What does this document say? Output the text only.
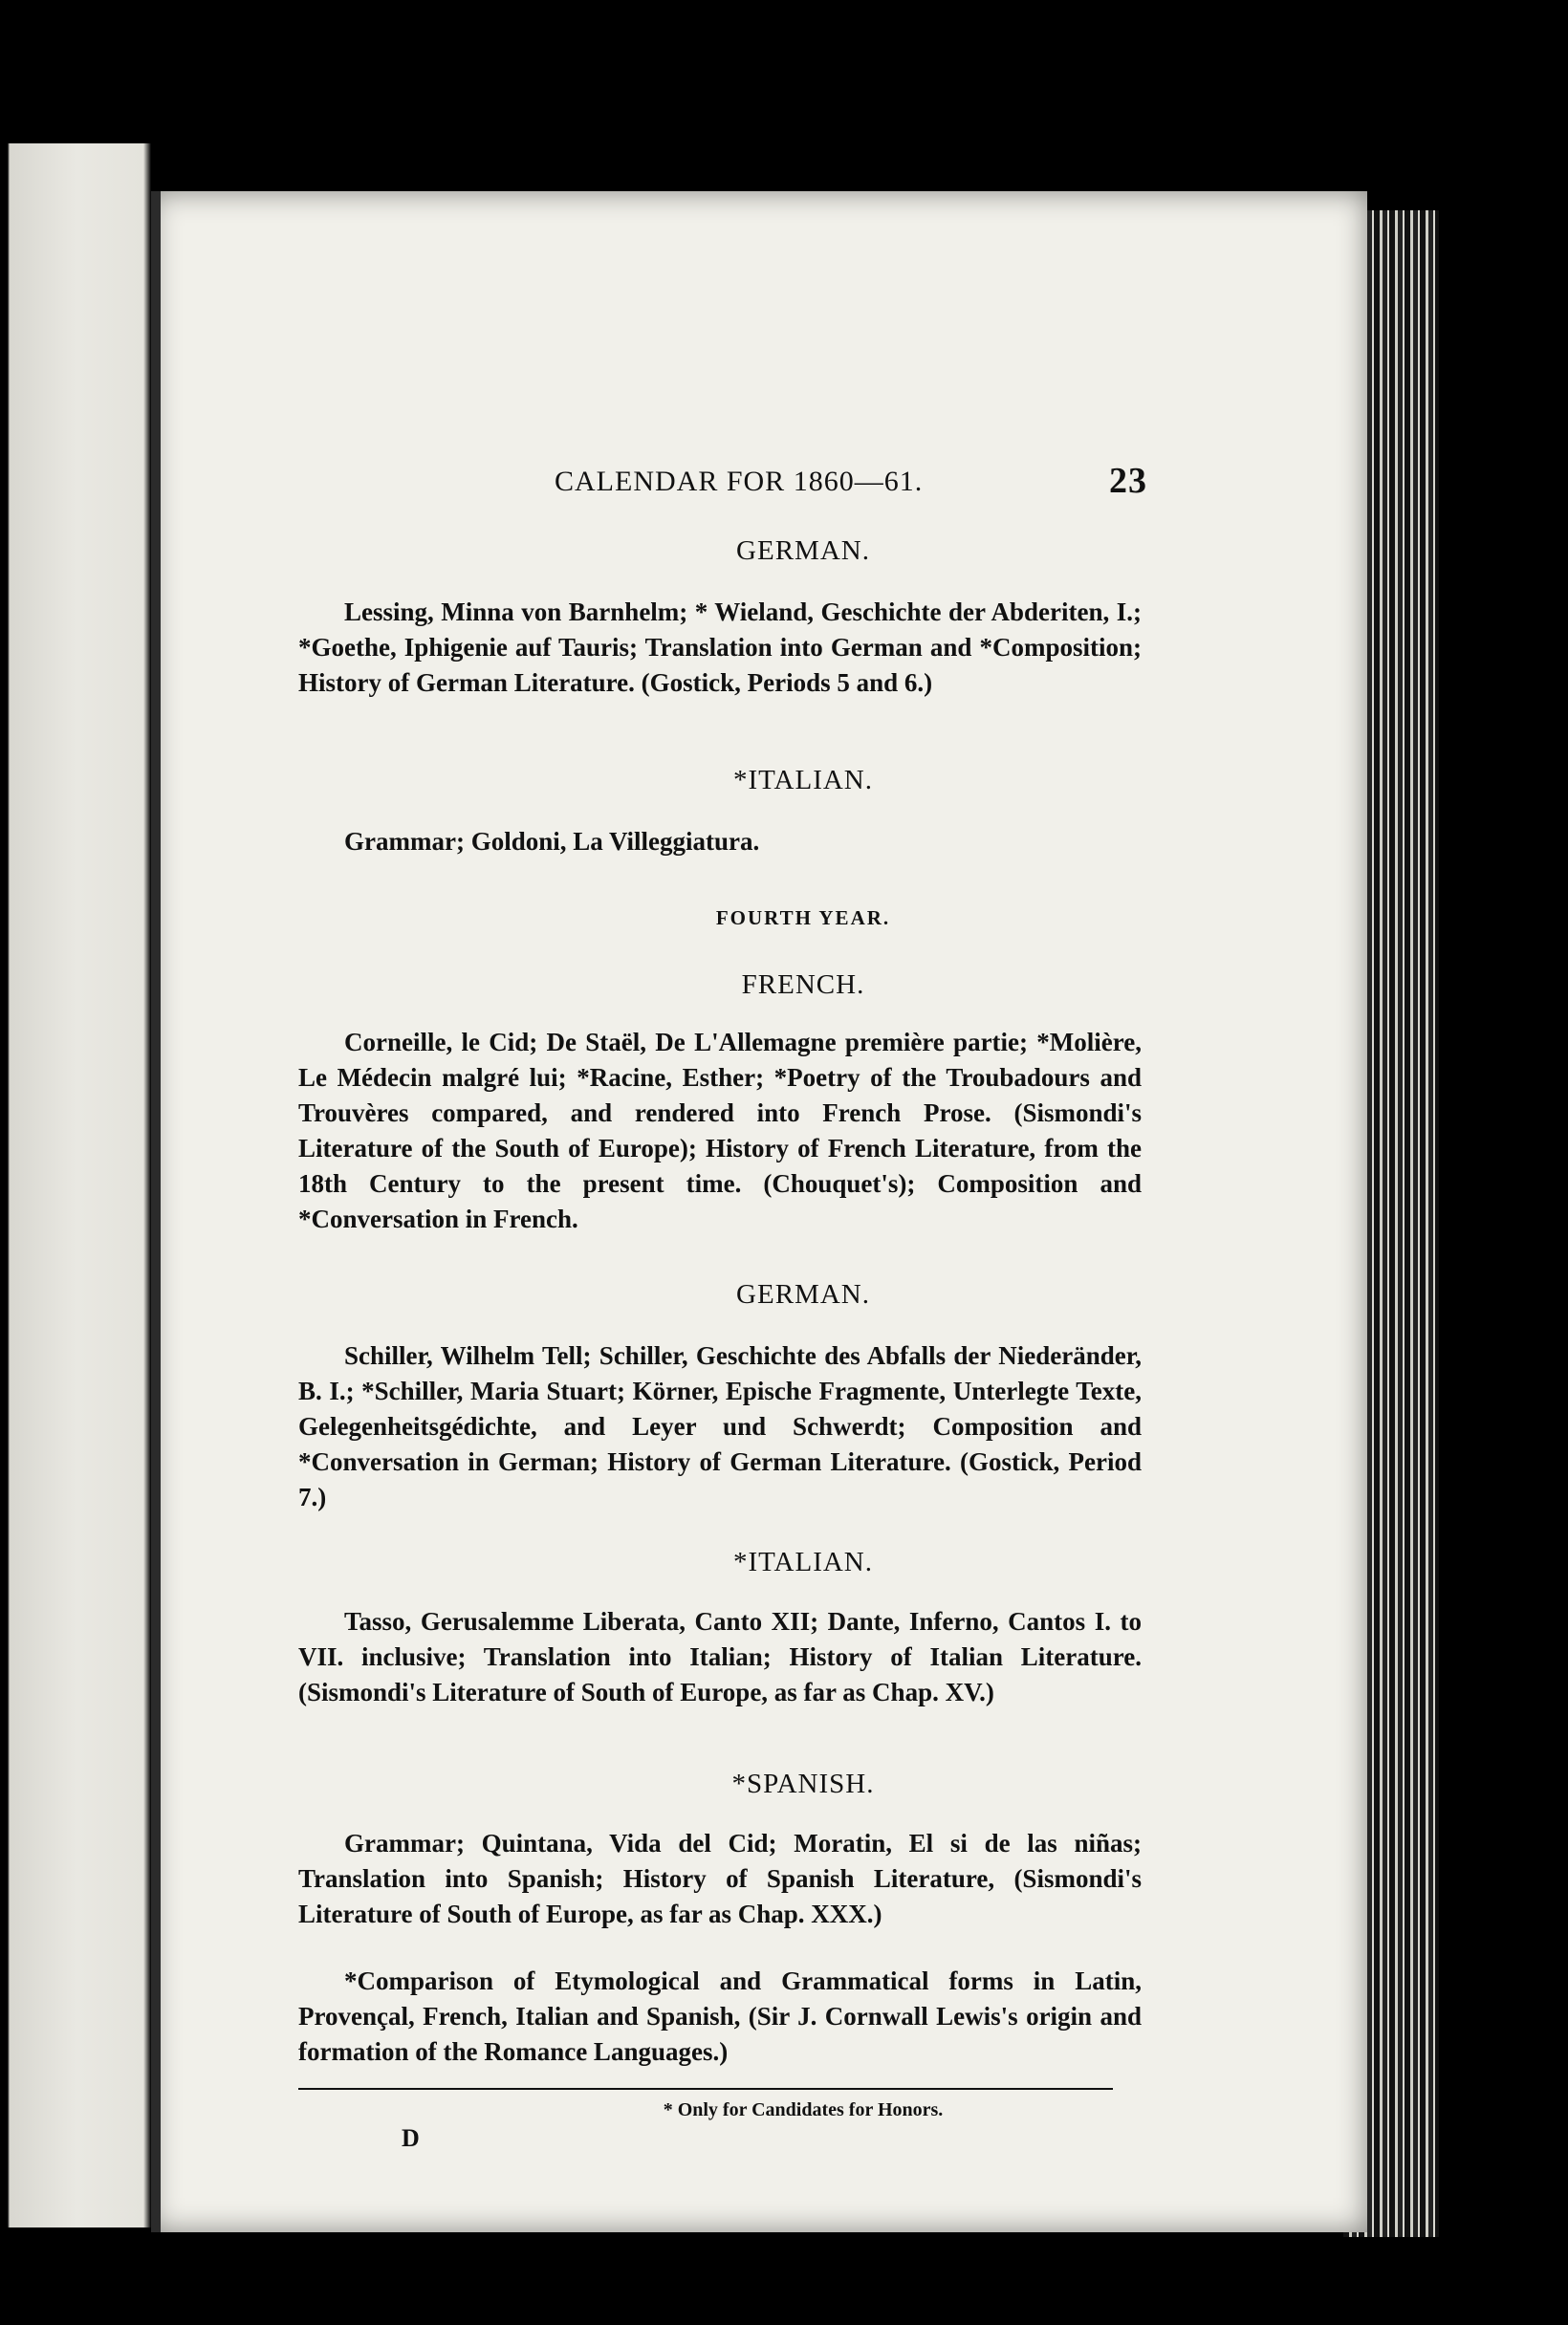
CALENDAR FOR 1860—61.	23
GERMAN.
Lessing, Minna von Barnhelm; * Wieland, Geschichte der Abderiten, I.; *Goethe, Iphigenie auf Tauris; Translation into German and *Composition; History of German Literature. (Gostick, Periods 5 and 6.)
*ITALIAN.
Grammar; Goldoni, La Villeggiatura.
FOURTH YEAR.
FRENCH.
Corneille, le Cid; De Staël, De L'Allemagne première partie; *Molière, Le Médecin malgré lui; *Racine, Esther; *Poetry of the Troubadours and Trouvères compared, and rendered into French Prose. (Sismondi's Literature of the South of Europe); History of French Literature, from the 18th Century to the present time. (Chouquet's); Composition and *Conversation in French.
GERMAN.
Schiller, Wilhelm Tell; Schiller, Geschichte des Abfalls der Niederänder, B. I.; *Schiller, Maria Stuart; Körner, Epische Fragmente, Unterlegte Texte, Gelegenheitsgédichte, and Leyer und Schwerdt; Composition and *Conversation in German; History of German Literature. (Gostick, Period 7.)
*ITALIAN.
Tasso, Gerusalemme Liberata, Canto XII; Dante, Inferno, Cantos I. to VII. inclusive; Translation into Italian; History of Italian Literature. (Sismondi's Literature of South of Europe, as far as Chap. XV.)
*SPANISH.
Grammar; Quintana, Vida del Cid; Moratin, El si de las niñas; Translation into Spanish; History of Spanish Literature, (Sismondi's Literature of South of Europe, as far as Chap. XXX.)
*Comparison of Etymological and Grammatical forms in Latin, Provençal, French, Italian and Spanish, (Sir J. Cornwall Lewis's origin and formation of the Romance Languages.)
* Only for Candidates for Honors.
D
